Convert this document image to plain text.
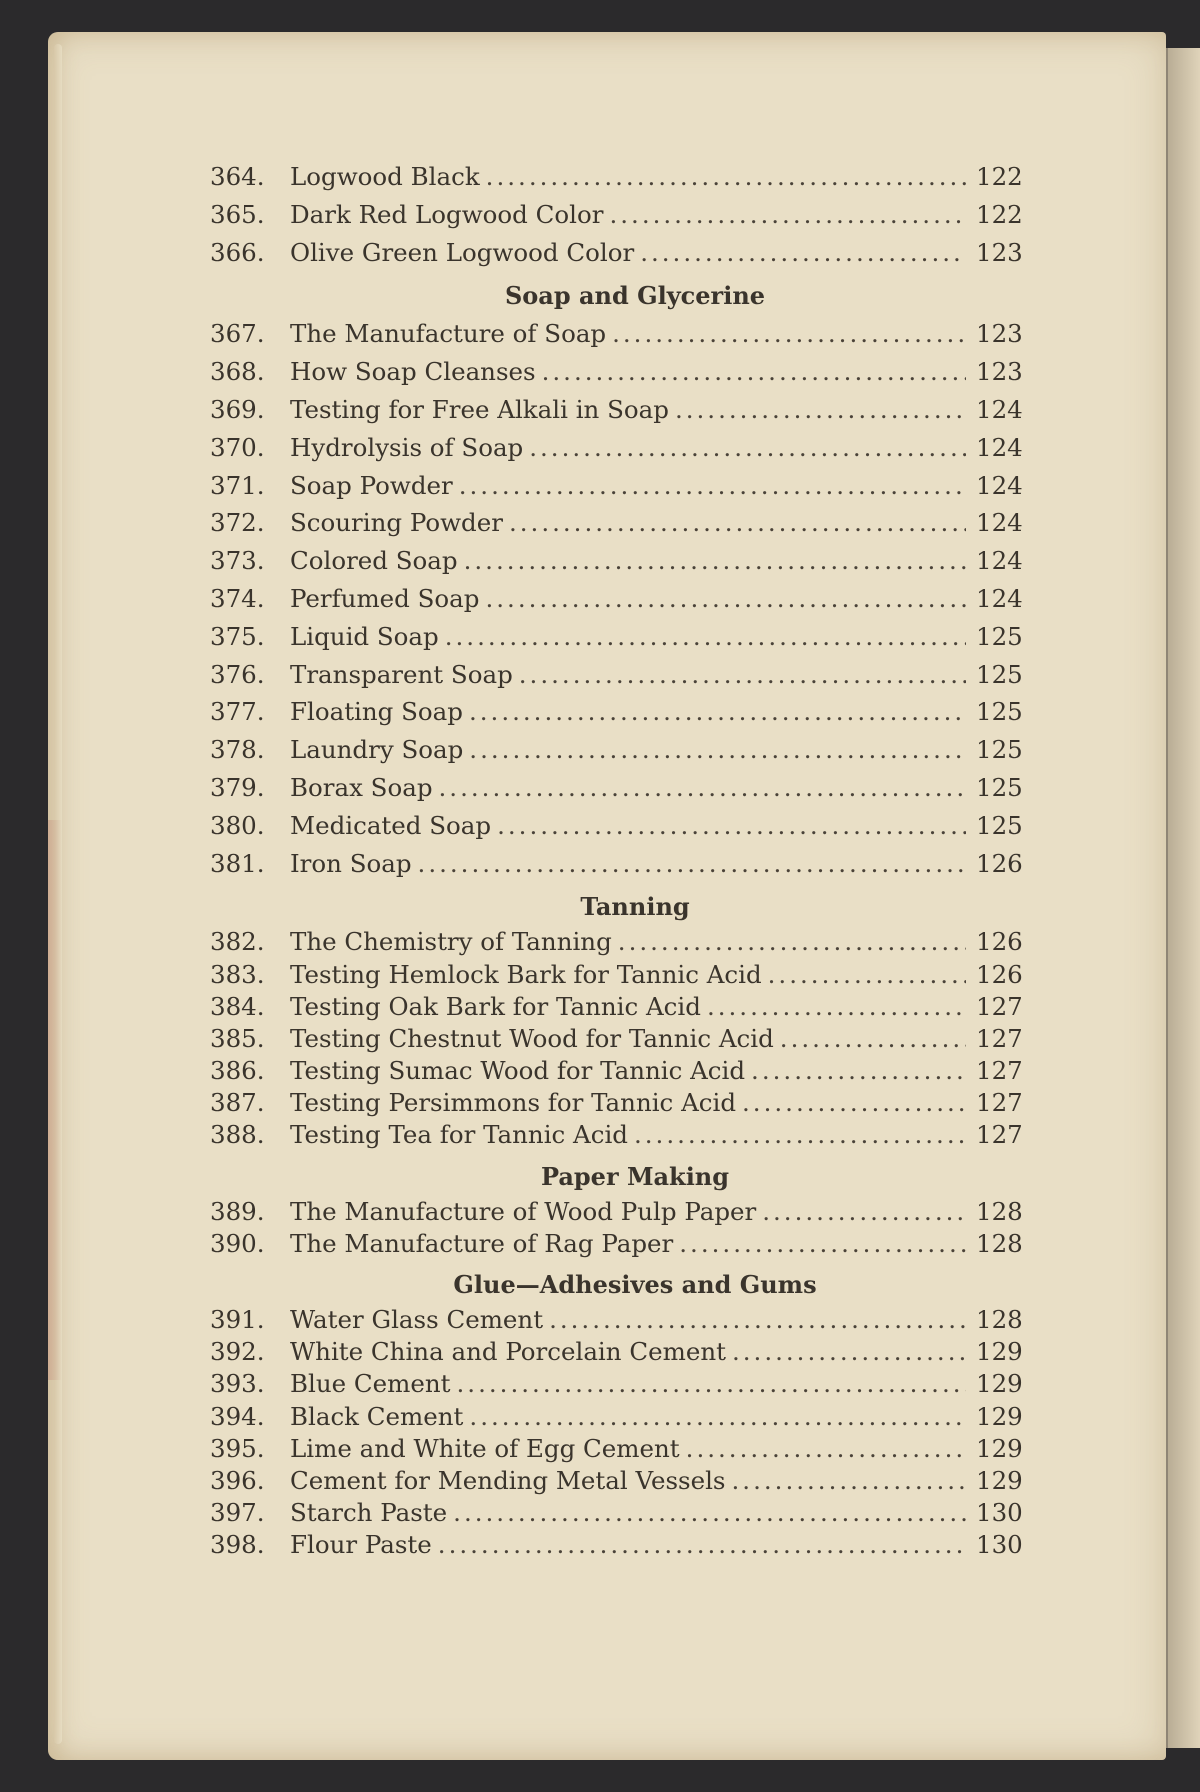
364.	Logwood Black .....	122
365.	Dark Red Logwood Color .....	122
366.	Olive Green Logwood Color .....	123
Soap and Glycerine
367.	The Manufacture of Soap .....	123
368.	How Soap Cleanses .....	123
369.	Testing for Free Alkali in Soap .....	124
370.	Hydrolysis of Soap .....	124
371.	Soap Powder .....	124
372.	Scouring Powder .....	124
373.	Colored Soap .....	124
374.	Perfumed Soap .....	124
375.	Liquid Soap .....	125
376.	Transparent Soap .....	125
377.	Floating Soap .....	125
378.	Laundry Soap .....	125
379.	Borax Soap .....	125
380.	Medicated Soap .....	125
381.	Iron Soap .....	126
Tanning
382.	The Chemistry of Tanning .....	126
383.	Testing Hemlock Bark for Tannic Acid .....	126
384.	Testing Oak Bark for Tannic Acid .....	127
385.	Testing Chestnut Wood for Tannic Acid .....	127
386.	Testing Sumac Wood for Tannic Acid .....	127
387.	Testing Persimmons for Tannic Acid .....	127
388.	Testing Tea for Tannic Acid .....	127
Paper Making
389.	The Manufacture of Wood Pulp Paper .....	128
390.	The Manufacture of Rag Paper .....	128
Glue—Adhesives and Gums
391.	Water Glass Cement .....	128
392.	White China and Porcelain Cement .....	129
393.	Blue Cement .....	129
394.	Black Cement .....	129
395.	Lime and White of Egg Cement .....	129
396.	Cement for Mending Metal Vessels .....	129
397.	Starch Paste .....	130
398.	Flour Paste .....	130
